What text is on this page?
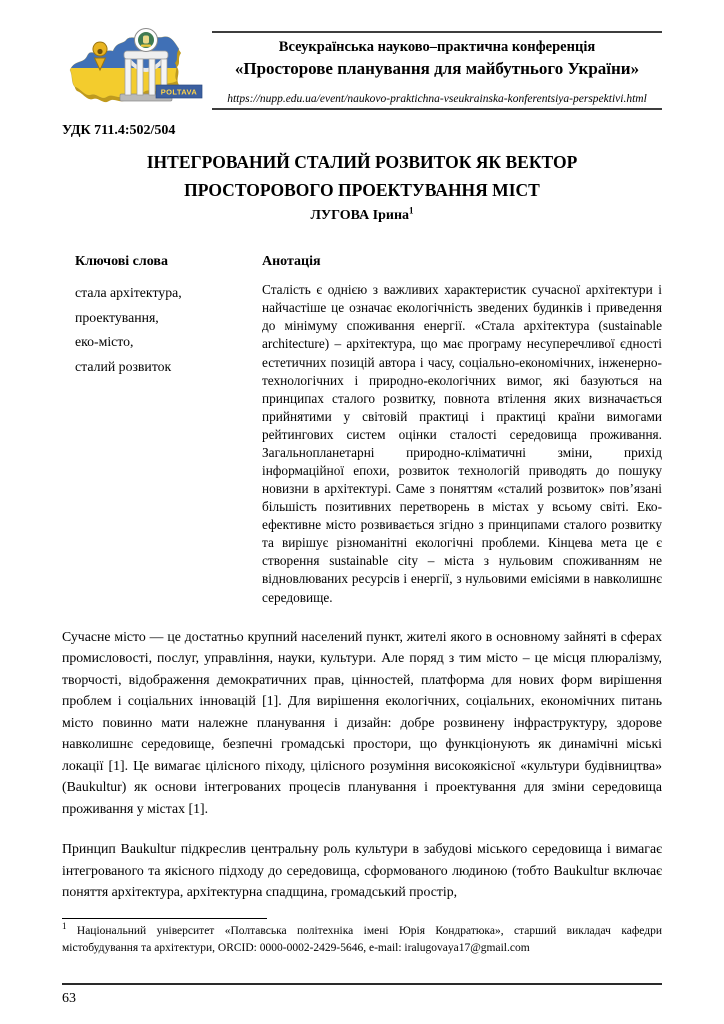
POLTAVA
Всеукраїнська науково–практична конференція
«Просторове планування для майбутнього України»
https://nupp.edu.ua/event/naukovo-praktichna-vseukrainska-konferentsiya-perspektivi.html
УДК 711.4:502/504
ІНТЕГРОВАНИЙ СТАЛИЙ РОЗВИТОК ЯК ВЕКТОР
ПРОСТОРОВОГО ПРОЕКТУВАННЯ МІСТ
ЛУГОВА Ірина$^1$
Ключові слова
стала архітектура,
проектування,
еко-місто,
сталий розвиток
Анотація
Сталість є однією з важливих характеристик сучасної архітектури і найчастіше це означає екологічність зведених будинків і приведення до мінімуму споживання енергії. «Стала архітектура (sustainable architecture) – архітектура, що має програму несуперечливої єдності естетичних позицій автора і часу, соціально-економічних, інженерно-технологічних і природно-екологічних вимог, які базуються на принципах сталого розвитку, повнота втілення яких визначається прийнятими у світовій практиці і практиці країни вимогами рейтингових систем оцінки сталості середовища проживання. Загальнопланетарні природно-кліматичні зміни, прихід інформаційної епохи, розвиток технологій приводять до пошуку новизни в архітектурі. Саме з поняттям «сталий розвиток» пов’язані більшість позитивних перетворень в містах у всьому світі. Еко-ефективне місто розвивається згідно з принципами сталого розвитку та вирішує різноманітні екологічні проблеми. Кінцева мета це є створення sustainable city – міста з нульовим споживанням не відновлюваних ресурсів і енергії, з нульовими емісіями в навколишнє середовище.

Сучасне місто — це достатньо крупний населений пункт, жителі якого в основному зайняті в сферах промисловості, послуг, управління, науки, культури. Але поряд з тим місто – це місця плюралізму, творчості, відображення демократичних прав, цінностей, платформа для нових форм вирішення проблем і соціальних інновацій [1]. Для вирішення екологічних, соціальних, економічних питань місто повинно мати належне планування і дизайн: добре розвинену інфраструктуру, здорове навколишнє середовище, безпечні громадські простори, що функціонують як динамічні міські локації [1]. Це вимагає цілісного піходу, цілісного розуміння високоякісної «культури будівництва» (Baukultur) як основи інтегрованих процесів планування і проектування для зміни середовища проживання у містах [1].

Принцип Baukultur підкреслив центральну роль культури в забудові міського середовища і вимагає інтегрованого та якісного підходу до середовища, сформованого людиною (тобто Baukultur включає поняття архітектура, архітектурна спадщина, громадський простір,

$^1$ Національний університет «Полтавська політехніка імені Юрія Кондратюка», старший викладач кафедри містобудування та архітектури, ORCID: 0000-0002-2429-5646, e-mail: iralugovaya17@gmail.com
63
